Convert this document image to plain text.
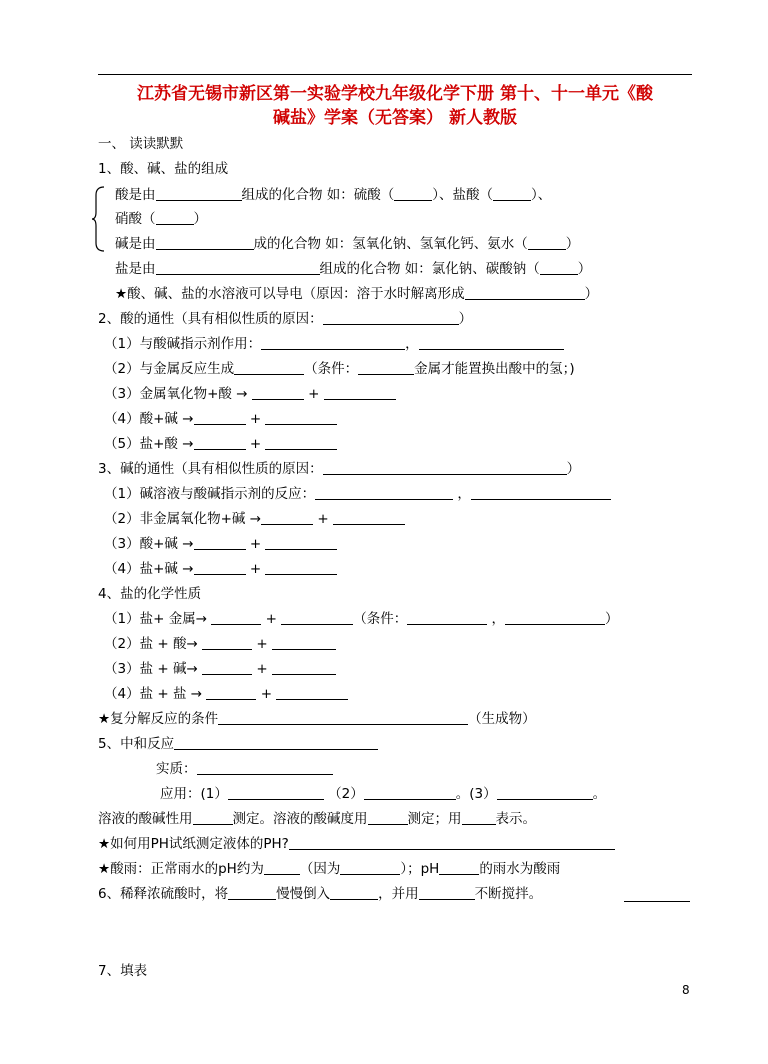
江苏省无锡市新区第一实验学校九年级化学下册 第十、十一单元《酸
碱盐》学案（无答案） 新人教版
一、 读读默默
1、酸、碱、盐的组成
酸是由	组成的化合物 如：硫酸（	）、盐酸（	）、
硝酸（	）
碱是由	成的化合物 如：氢氧化钠、氢氧化钙、氨水（	）
盐是由	组成的化合物 如：氯化钠、碳酸钠（	）
★酸、碱、盐的水溶液可以导电（原因：溶于水时解离形成	）
2、酸的通性（具有相似性质的原因：	）
（1）与酸碱指示剂作用：	，
（2）与金属反应生成	（条件：	金属才能置换出酸中的氢；)
（3）金属氧化物+酸 →	+
（4）酸+碱 →	+
（5）盐+酸 →	+
3、碱的通性（具有相似性质的原因：	）
（1）碱溶液与酸碱指示剂的反应：	，
（2）非金属氧化物+碱 →	+
（3）酸+碱 →	+
（4）盐+碱 →	+
4、盐的化学性质
（1）盐+ 金属→	+	（条件：	，	）
（2）盐 + 酸→	+
（3）盐 + 碱→	+
（4）盐 + 盐 →	+
★复分解反应的条件	（生成物）
5、中和反应
实质：
应用：(1）	（2）	。(3）	。
溶液的酸碱性用	测定。溶液的酸碱度用	测定；用	表示。
★如何用PH试纸测定液体的PH?
★酸雨：正常雨水的pH约为	（因为	）；pH	的雨水为酸雨
6、稀释浓硫酸时，将	慢慢倒入	，并用	不断搅拌。
7、填表
8
